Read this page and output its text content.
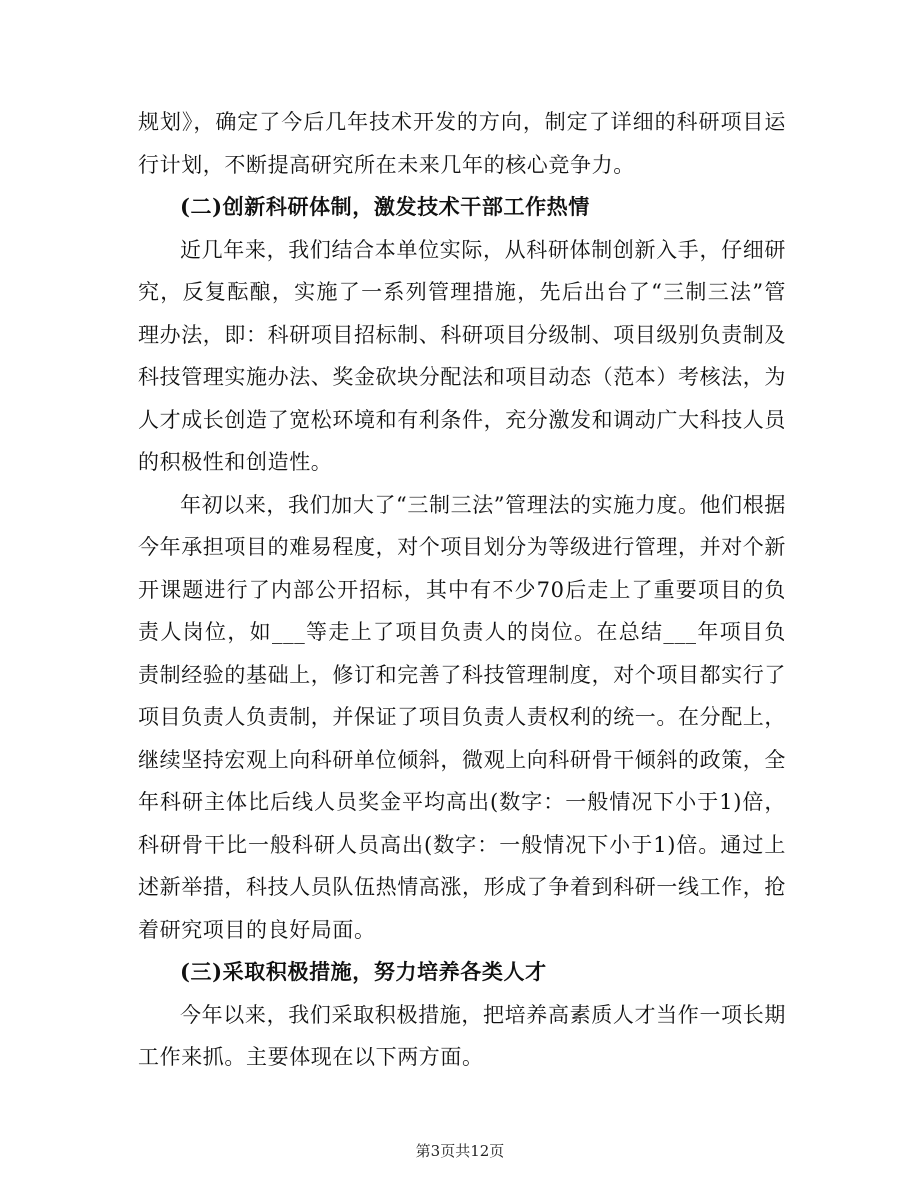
规划》，确定了今后几年技术开发的方向，制定了详细的科研项目运行计划，不断提高研究所在未来几年的核心竞争力。

(二)创新科研体制，激发技术干部工作热情

近几年来，我们结合本单位实际，从科研体制创新入手，仔细研究，反复酝酿，实施了一系列管理措施，先后出台了“三制三法”管理办法，即：科研项目招标制、科研项目分级制、项目级别负责制及科技管理实施办法、奖金砍块分配法和项目动态（范本）考核法，为人才成长创造了宽松环境和有利条件，充分激发和调动广大科技人员的积极性和创造性。

年初以来，我们加大了“三制三法”管理法的实施力度。他们根据今年承担项目的难易程度，对个项目划分为等级进行管理，并对个新开课题进行了内部公开招标，其中有不少70后走上了重要项目的负责人岗位，如___等走上了项目负责人的岗位。在总结___年项目负责制经验的基础上，修订和完善了科技管理制度，对个项目都实行了项目负责人负责制，并保证了项目负责人责权利的统一。在分配上，继续坚持宏观上向科研单位倾斜，微观上向科研骨干倾斜的政策，全年科研主体比后线人员奖金平均高出(数字：一般情况下小于1)倍，科研骨干比一般科研人员高出(数字：一般情况下小于1)倍。通过上述新举措，科技人员队伍热情高涨，形成了争着到科研一线工作，抢着研究项目的良好局面。

(三)采取积极措施，努力培养各类人才

今年以来，我们采取积极措施，把培养高素质人才当作一项长期工作来抓。主要体现在以下两方面。

第3页共12页
